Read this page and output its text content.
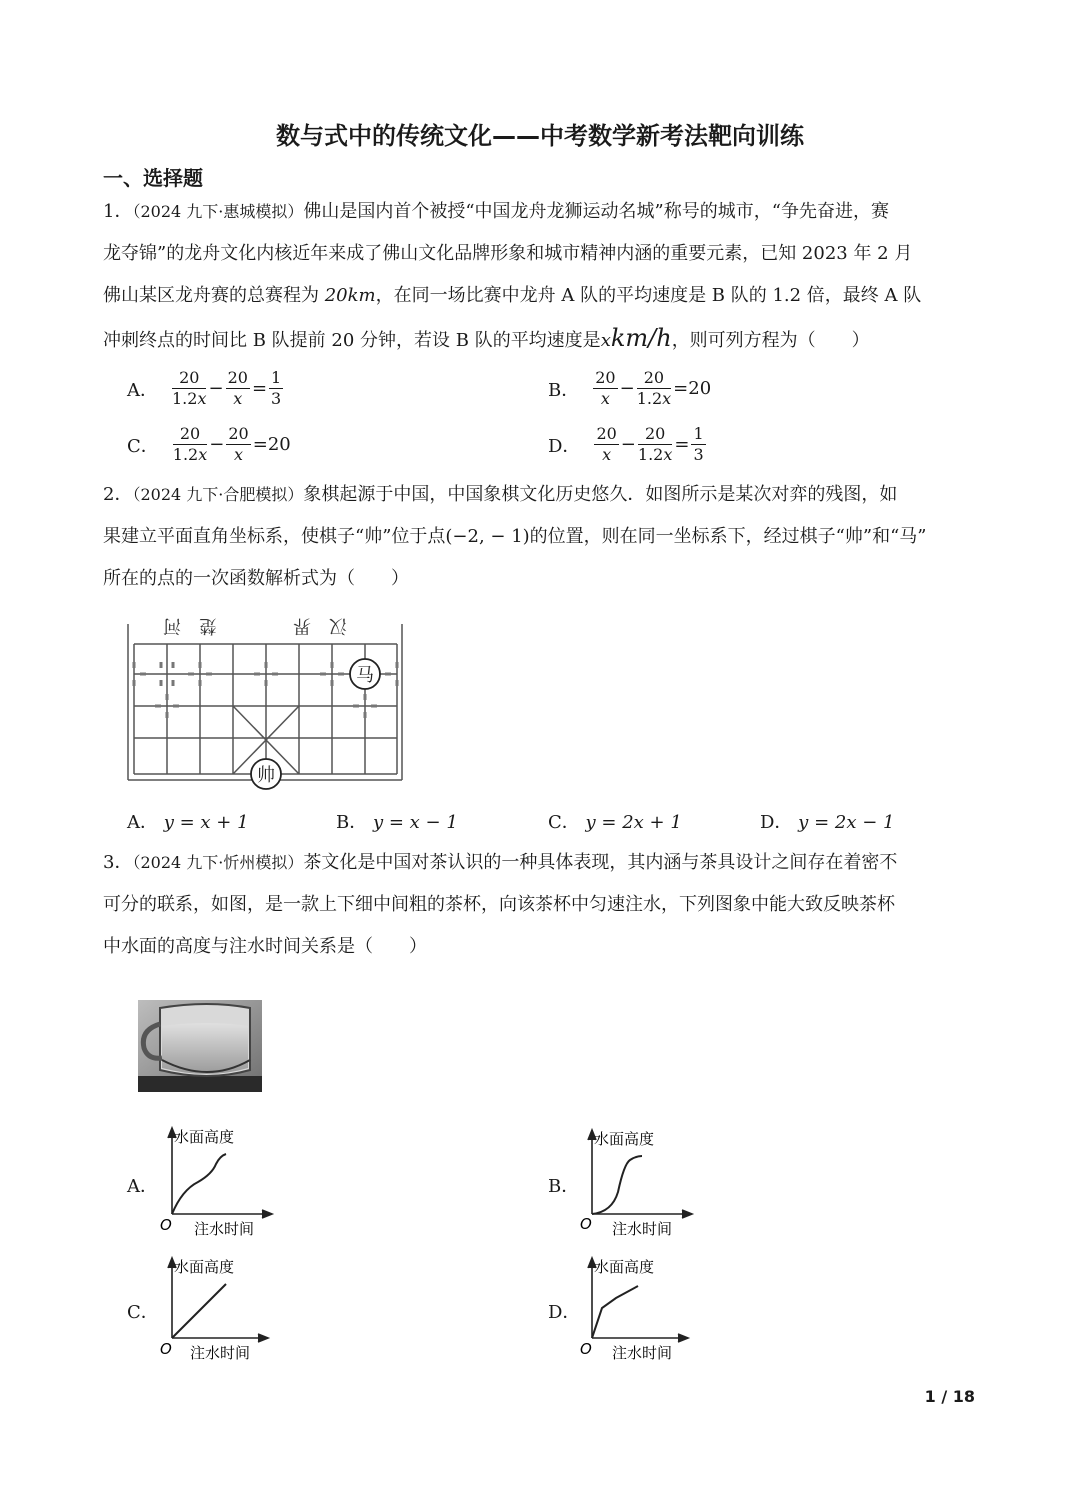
数与式中的传统文化——中考数学新考法靶向训练
一、选择题
1．（2024 九下·惠城模拟）佛山是国内首个被授“中国龙舟龙狮运动名城”称号的城市，“争先奋进，赛
龙夺锦”的龙舟文化内核近年来成了佛山文化品牌形象和城市精神内涵的重要元素，已知 2023 年 2 月
佛山某区龙舟赛的总赛程为 20km，在同一场比赛中龙舟 A 队的平均速度是 B 队的 1.2 倍，最终 A 队
冲刺终点的时间比 B 队提前 20 分钟，若设 B 队的平均速度是xkm/h，则可列方程为（　　）
A． $\frac{20}{1.2x} - \frac{20}{x} = \frac{1}{3}$	B． $\frac{20}{x} - \frac{20}{1.2x} =20$
C． $\frac{20}{1.2x} - \frac{20}{x} =20$	D． $\frac{20}{x} - \frac{20}{1.2x} = \frac{1}{3}$
2．（2024 九下·合肥模拟）象棋起源于中国，中国象棋文化历史悠久．如图所示是某次对弈的残图，如
果建立平面直角坐标系，使棋子“帅”位于点(−2, − 1)的位置，则在同一坐标系下，经过棋子“帅”和“马”
所在的点的一次函数解析式为（　　）
楚　河	汉　界
马
帅
A． y = x + 1	B． y = x − 1	C． y = 2x + 1	D． y = 2x − 1
3．（2024 九下·忻州模拟）茶文化是中国对茶认识的一种具体表现，其内涵与茶具设计之间存在着密不
可分的联系，如图，是一款上下细中间粗的茶杯，向该茶杯中匀速注水，下列图象中能大致反映茶杯
中水面的高度与注水时间关系是（　　）
A．
水面高度
O 注水时间
B．
水面高度
O 注水时间
C．
水面高度
O 注水时间
D．
水面高度
O 注水时间
1 / 18
